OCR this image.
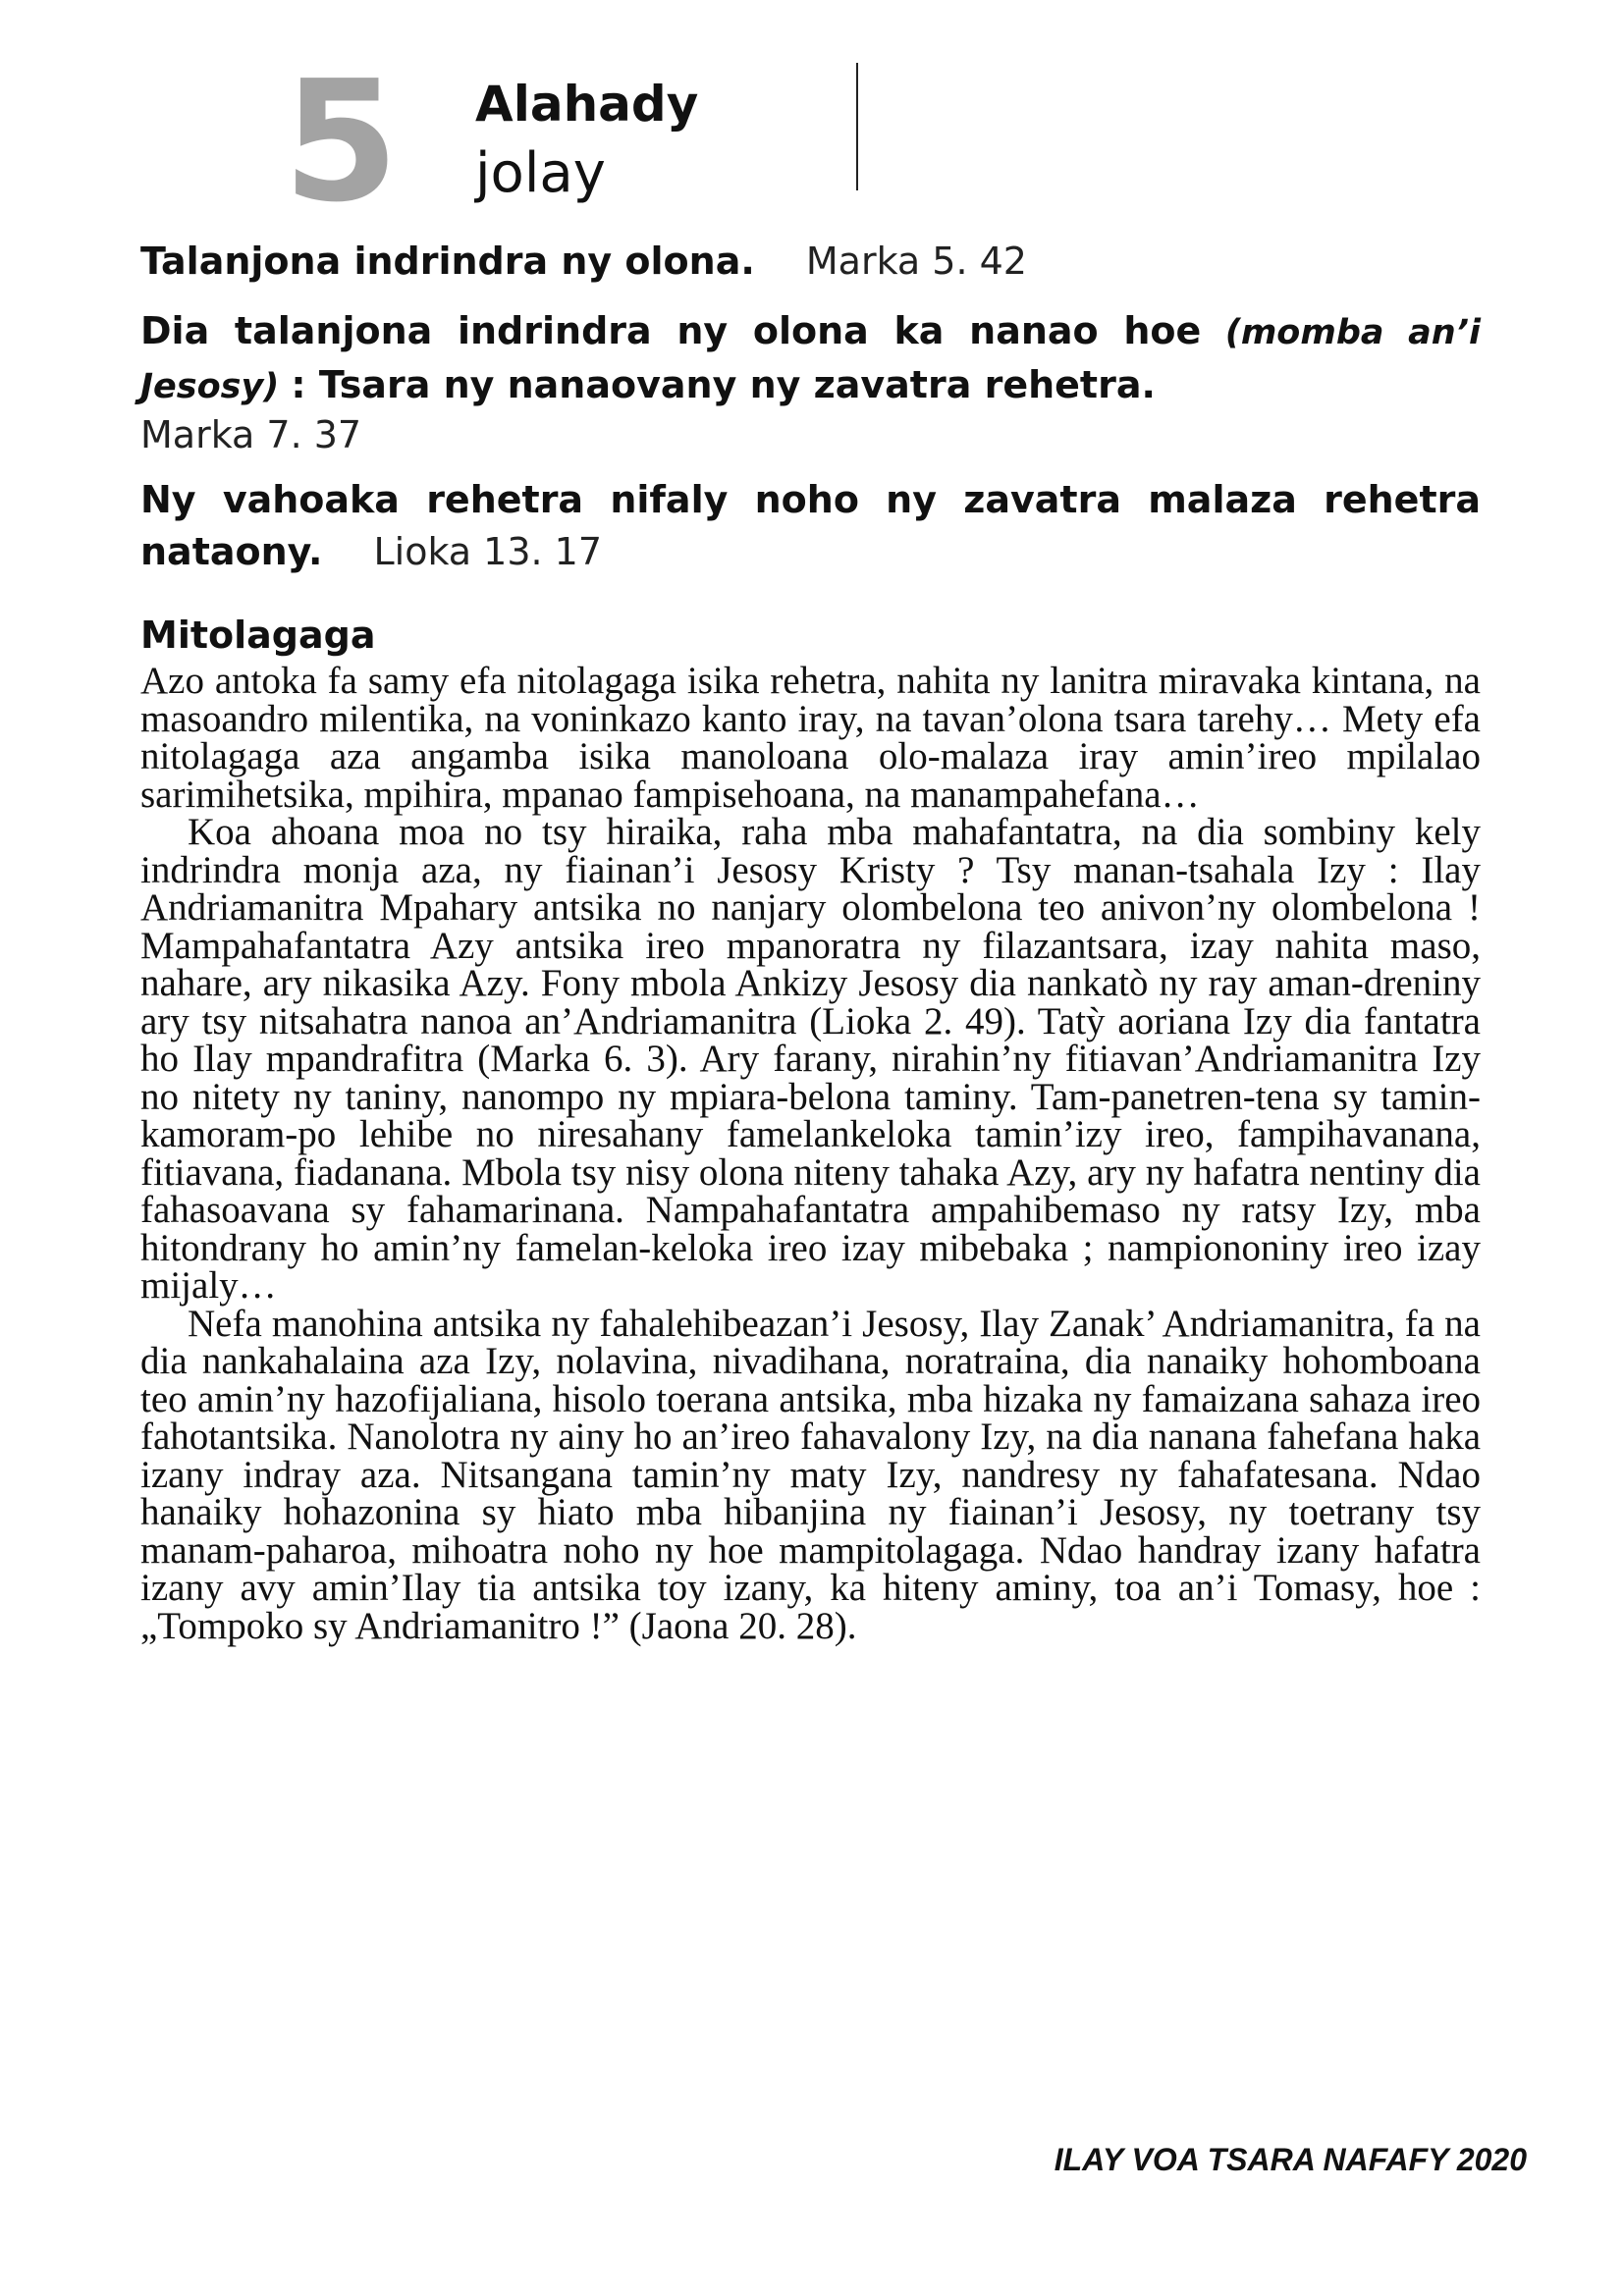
5 Alahady
jolay

Talanjona indrindra ny olona. Marka 5. 42

Dia talanjona indrindra ny olona ka nanao hoe (momba an’i Jesosy) : Tsara ny nanaovany ny zavatra rehetra.
Marka 7. 37

Ny vahoaka rehetra nifaly noho ny zavatra malaza rehetra nataony. Lioka 13. 17

Mitolagaga

Azo antoka fa samy efa nitolagaga isika rehetra, nahita ny lanitra miravaka kintana, na masoandro milentika, na voninkazo kanto iray, na tavan’olona tsara tarehy… Mety efa nitolagaga aza angamba isika manoloana olo-malaza iray amin’ireo mpilalao sarimihetsika, mpihira, mpanao fampisehoana, na manampahefana…

Koa ahoana moa no tsy hiraika, raha mba mahafantatra, na dia sombiny kely indrindra monja aza, ny fiainan’i Jesosy Kristy ? Tsy manan-tsahala Izy : Ilay Andriamanitra Mpahary antsika no nanjary olombelona teo anivon’ny olombelona ! Mampahafantatra Azy antsika ireo mpanoratra ny filazantsara, izay nahita maso, nahare, ary nikasika Azy. Fony mbola Ankizy Jesosy dia nankatò ny ray aman-dreniny ary tsy nitsahatra nanoa an’Andriamanitra (Lioka 2. 49). Tatỳ aoriana Izy dia fantatra ho Ilay mpandrafitra (Marka 6. 3). Ary farany, nirahin’ny fitiavan’Andriamanitra Izy no nitety ny taniny, nanompo ny mpiara-belona taminy. Tam-panetren-tena sy tamin-kamoram-po lehibe no niresahany famelankeloka tamin’izy ireo, fampihavanana, fitiavana, fiadanana. Mbola tsy nisy olona niteny tahaka Azy, ary ny hafatra nentiny dia fahasoavana sy fahamarinana. Nampahafantatra ampahibemaso ny ratsy Izy, mba hitondrany ho amin’ny famelan-keloka ireo izay mibebaka ; nampiononiny ireo izay mijaly…

Nefa manohina antsika ny fahalehibeazan’i Jesosy, Ilay Zanak’ Andriamanitra, fa na dia nankahalaina aza Izy, nolavina, nivadihana, noratraina, dia nanaiky hohomboana teo amin’ny hazofijaliana, hisolo toerana antsika, mba hizaka ny famaizana sahaza ireo fahotantsika. Nanolotra ny ainy ho an’ireo fahavalony Izy, na dia nanana fahefana haka izany indray aza. Nitsangana tamin’ny maty Izy, nandresy ny fahafatesana. Ndao hanaiky hohazonina sy hiato mba hibanjina ny fiainan’i Jesosy, ny toetrany tsy manam-paharoa, mihoatra noho ny hoe mampitolagaga. Ndao handray izany hafatra izany avy amin’Ilay tia antsika toy izany, ka hiteny aminy, toa an’i Tomasy, hoe : „Tompoko sy Andriamanitro !” (Jaona 20. 28).

ILAY VOA TSARA NAFAFY 2020
